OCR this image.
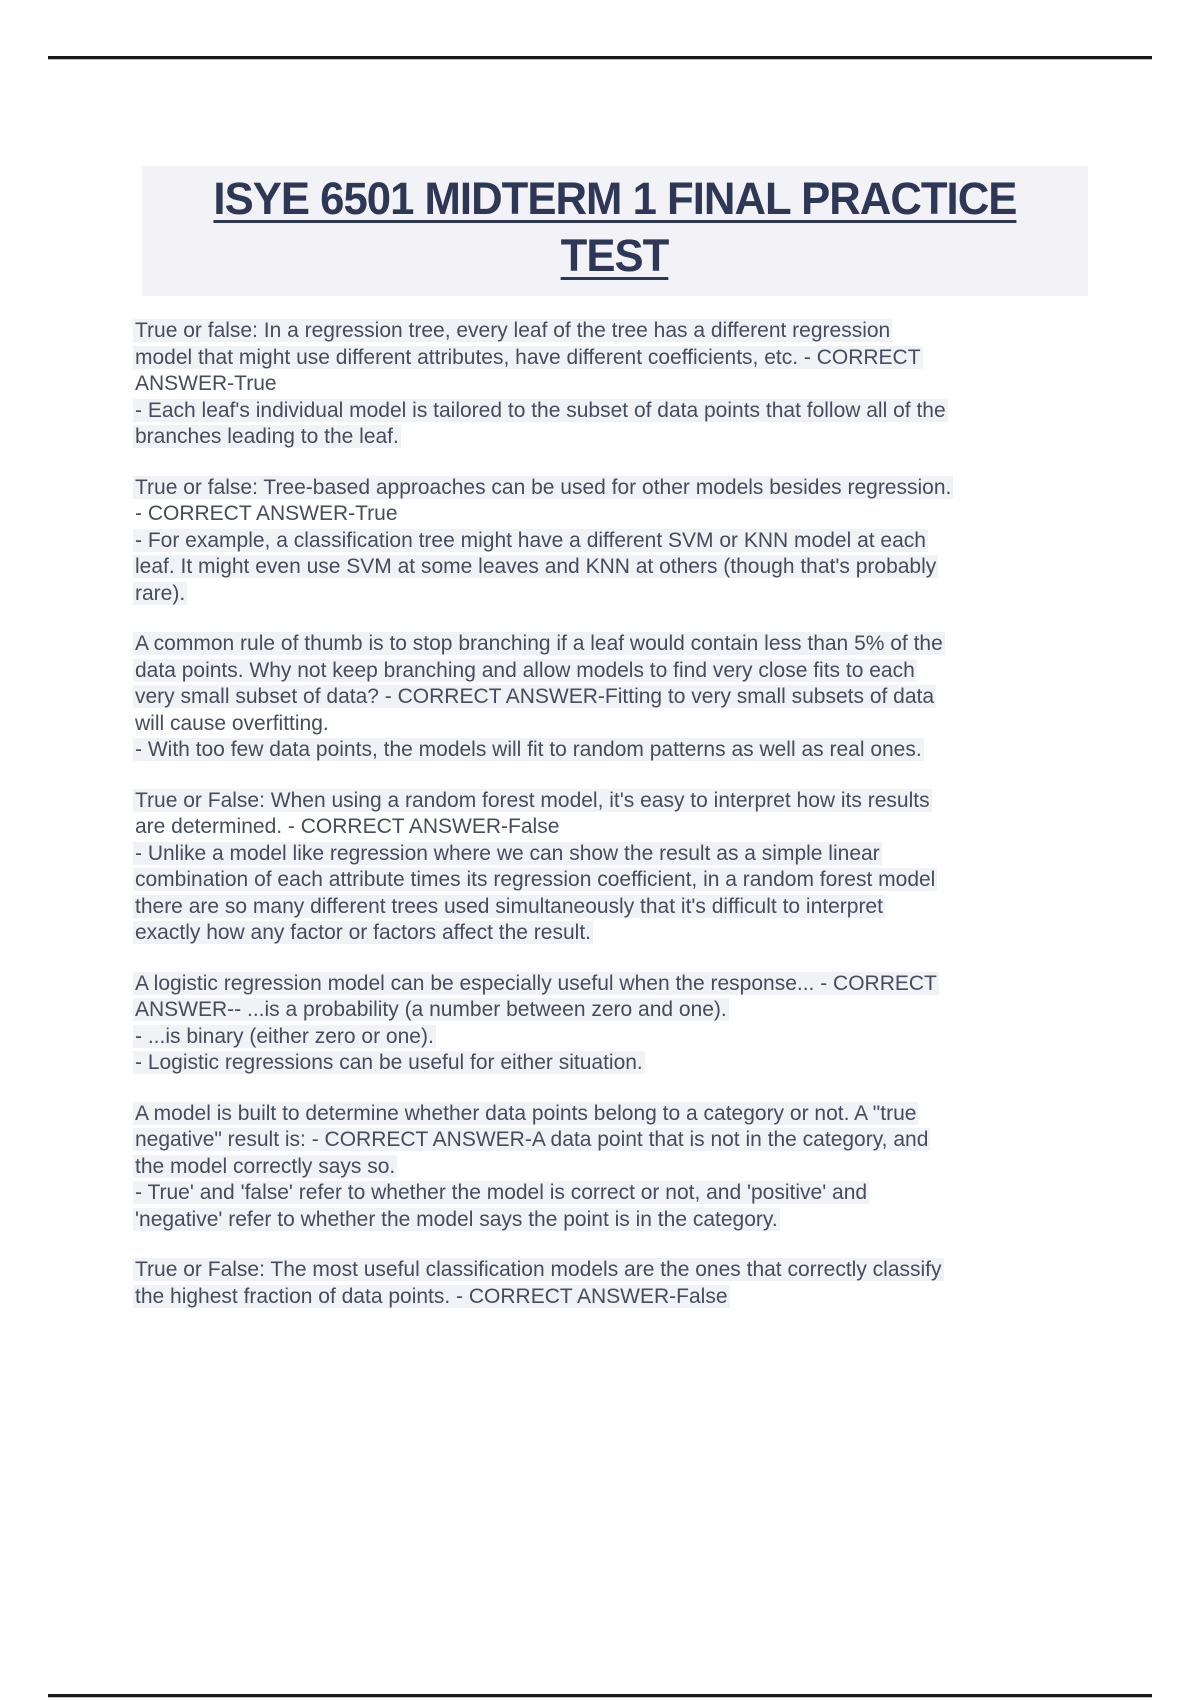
ISYE 6501 MIDTERM 1 FINAL PRACTICE
TEST
True or false: In a regression tree, every leaf of the tree has a different regression
model that might use different attributes, have different coefficients, etc. - CORRECT
ANSWER-True
- Each leaf's individual model is tailored to the subset of data points that follow all of the
branches leading to the leaf.
True or false: Tree-based approaches can be used for other models besides regression.
- CORRECT ANSWER-True
- For example, a classification tree might have a different SVM or KNN model at each
leaf. It might even use SVM at some leaves and KNN at others (though that's probably
rare).
A common rule of thumb is to stop branching if a leaf would contain less than 5% of the
data points. Why not keep branching and allow models to find very close fits to each
very small subset of data? - CORRECT ANSWER-Fitting to very small subsets of data
will cause overfitting.
- With too few data points, the models will fit to random patterns as well as real ones.
True or False: When using a random forest model, it's easy to interpret how its results
are determined. - CORRECT ANSWER-False
- Unlike a model like regression where we can show the result as a simple linear
combination of each attribute times its regression coefficient, in a random forest model
there are so many different trees used simultaneously that it's difficult to interpret
exactly how any factor or factors affect the result.
A logistic regression model can be especially useful when the response... - CORRECT
ANSWER-- ...is a probability (a number between zero and one).
- ...is binary (either zero or one).
- Logistic regressions can be useful for either situation.
A model is built to determine whether data points belong to a category or not. A "true
negative" result is: - CORRECT ANSWER-A data point that is not in the category, and
the model correctly says so.
- True' and 'false' refer to whether the model is correct or not, and 'positive' and
'negative' refer to whether the model says the point is in the category.
True or False: The most useful classification models are the ones that correctly classify
the highest fraction of data points. - CORRECT ANSWER-False
